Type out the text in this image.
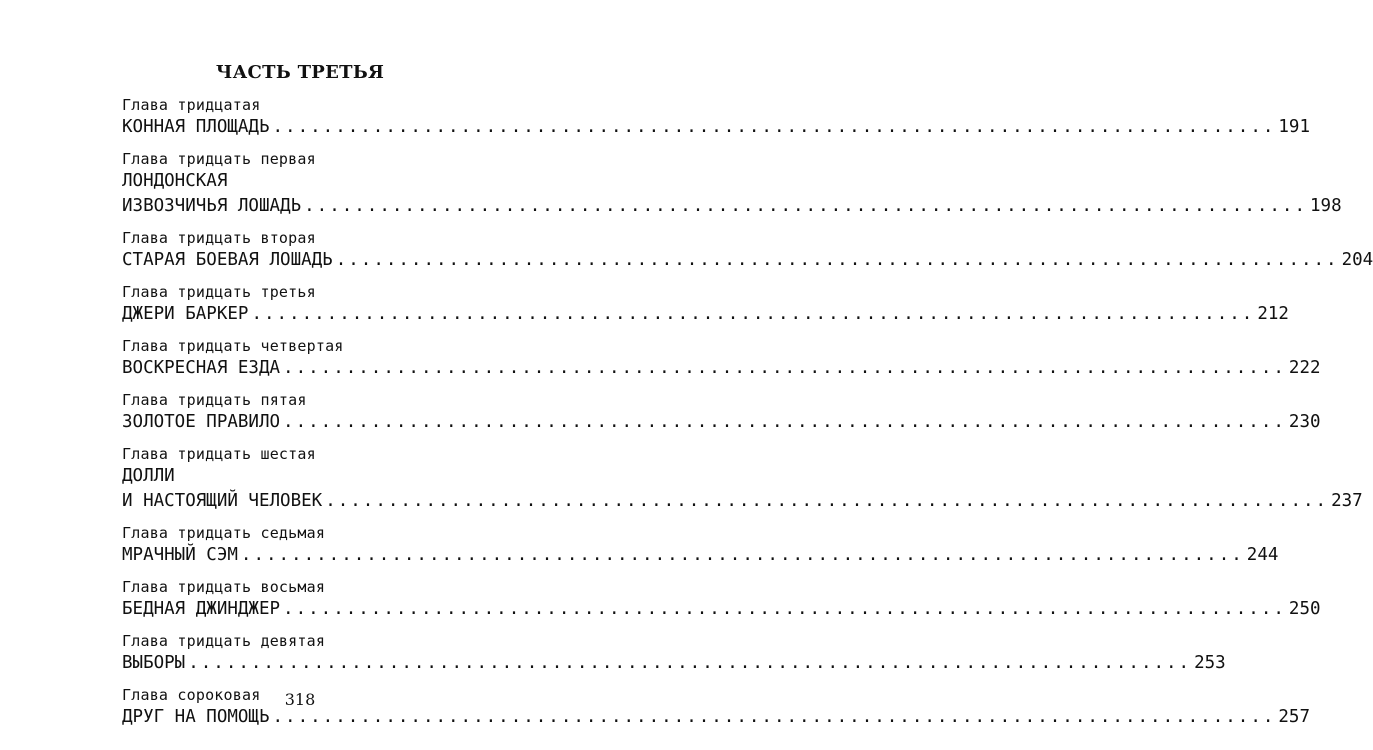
ЧАСТЬ ТРЕТЬЯ
Глава тридцатая
КОННАЯ ПЛОЩАДЬ ................................................................................ 191
Глава тридцать первая
ЛОНДОНСКАЯ
ИЗВОЗЧИЧЬЯ ЛОШАДЬ ................................................................................ 198
Глава тридцать вторая
СТАРАЯ БОЕВАЯ ЛОШАДЬ ................................................................................ 204
Глава тридцать третья
ДЖЕРИ БАРКЕР ................................................................................ 212
Глава тридцать четвертая
ВОСКРЕСНАЯ ЕЗДА ................................................................................ 222
Глава тридцать пятая
ЗОЛОТОЕ ПРАВИЛО ................................................................................ 230
Глава тридцать шестая
ДОЛЛИ
И НАСТОЯЩИЙ ЧЕЛОВЕК ................................................................................ 237
Глава тридцать седьмая
МРАЧНЫЙ СЭМ ................................................................................ 244
Глава тридцать восьмая
БЕДНАЯ ДЖИНДЖЕР ................................................................................ 250
Глава тридцать девятая
ВЫБОРЫ ................................................................................ 253
Глава сороковая
ДРУГ НА ПОМОЩЬ ................................................................................ 257
318
